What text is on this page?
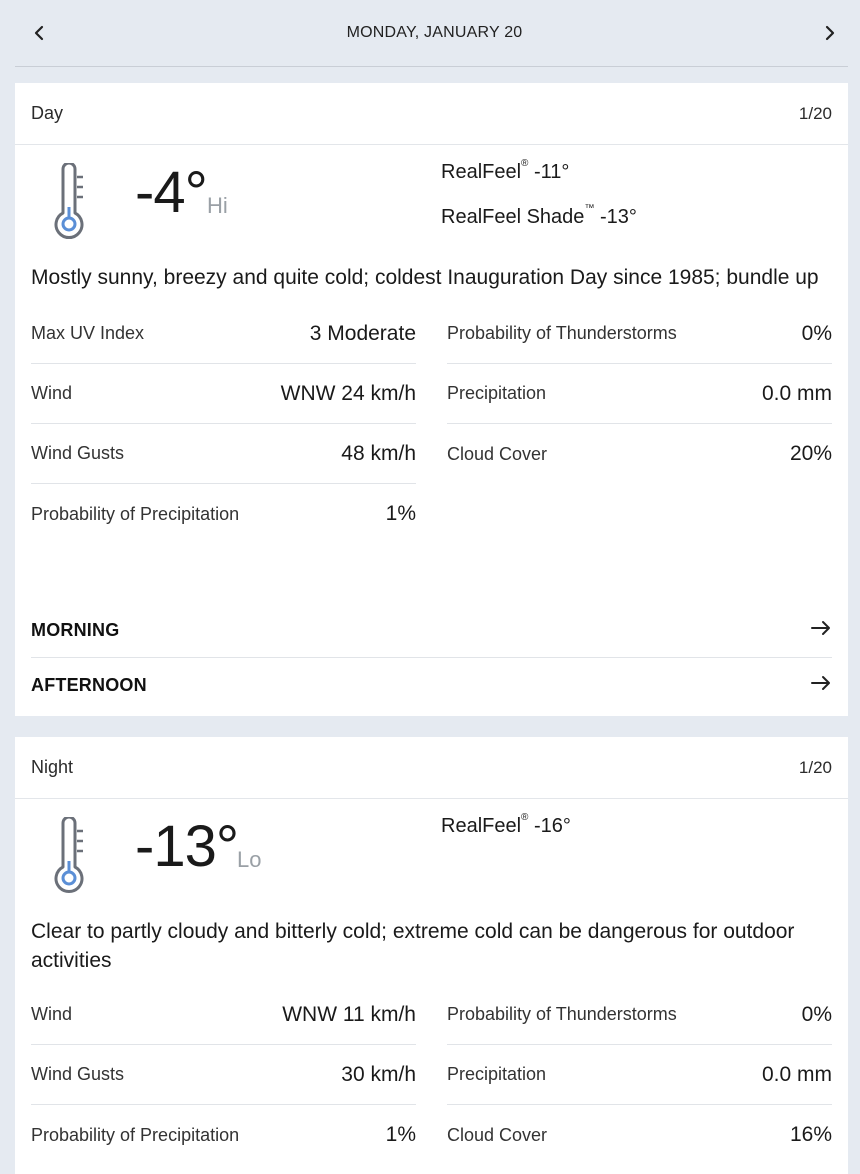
MONDAY, JANUARY 20
Day	1/20
-4° Hi
RealFeel® -11°
RealFeel Shade™ -13°
Mostly sunny, breezy and quite cold; coldest Inauguration Day since 1985; bundle up
Max UV Index	3 Moderate
Wind	WNW 24 km/h
Wind Gusts	48 km/h
Probability of Precipitation	1%
Probability of Thunderstorms	0%
Precipitation	0.0 mm
Cloud Cover	20%
MORNING
AFTERNOON
Night	1/20
-13°
Lo
RealFeel® -16°
Clear to partly cloudy and bitterly cold; extreme cold can be dangerous for outdoor activities
Wind	WNW 11 km/h
Wind Gusts	30 km/h
Probability of Precipitation	1%
Probability of Thunderstorms	0%
Precipitation	0.0 mm
Cloud Cover	16%
